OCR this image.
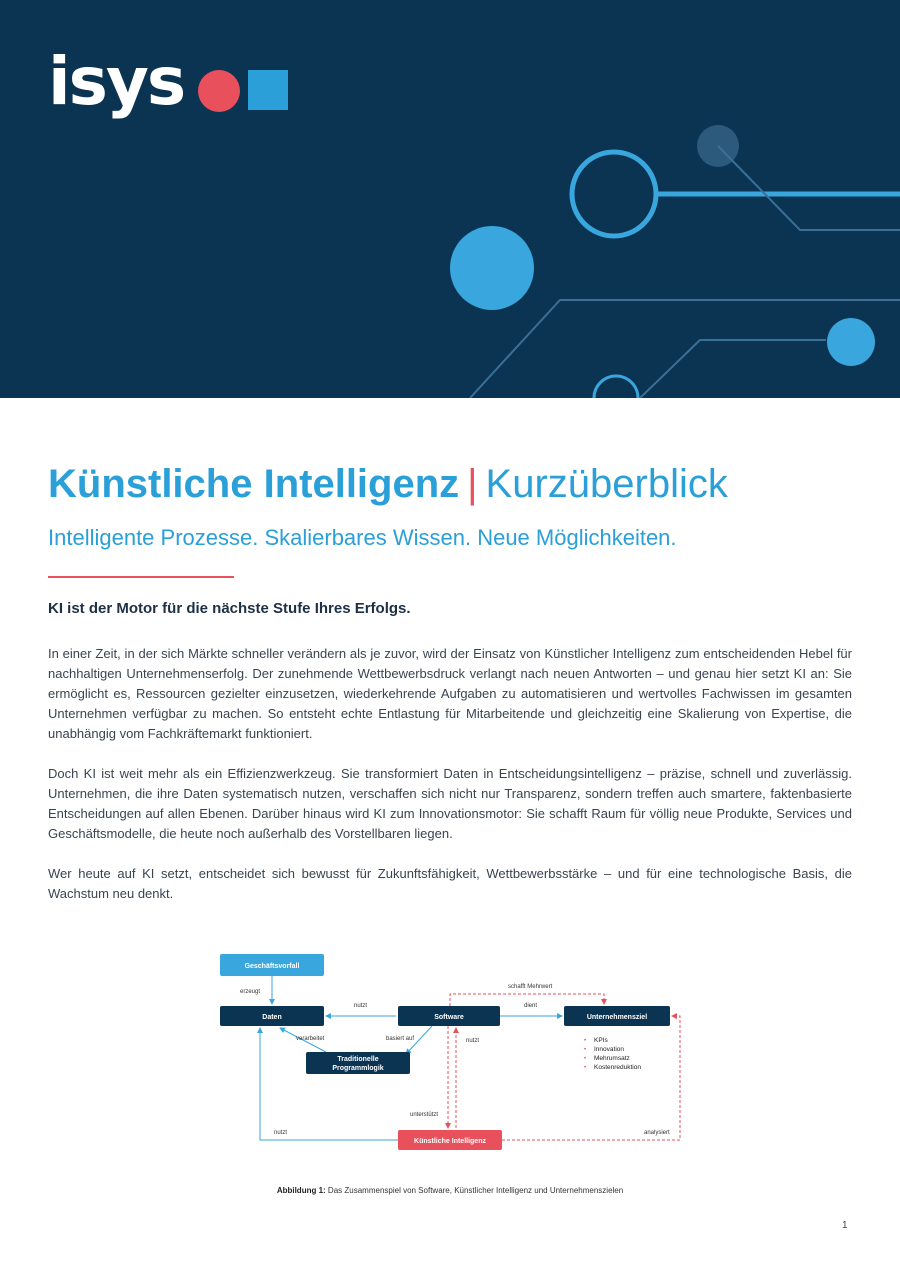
isys
Künstliche Intelligenz | Kurzüberblick
Intelligente Prozesse. Skalierbares Wissen. Neue Möglichkeiten.
KI ist der Motor für die nächste Stufe Ihres Erfolgs.

In einer Zeit, in der sich Märkte schneller verändern als je zuvor, wird der Einsatz von Künstlicher Intelligenz zum entscheidenden Hebel für nachhaltigen Unternehmenserfolg. Der zunehmende Wettbewerbsdruck verlangt nach neuen Antworten – und genau hier setzt KI an: Sie ermöglicht es, Ressourcen gezielter einzusetzen, wiederkehrende Aufgaben zu automatisieren und wertvolles Fachwissen im gesamten Unternehmen verfügbar zu machen. So entsteht echte Entlastung für Mitarbeitende und gleichzeitig eine Skalierung von Expertise, die unabhängig vom Fachkräftemarkt funktioniert.

Doch KI ist weit mehr als ein Effizienzwerkzeug. Sie transformiert Daten in Entscheidungsintelligenz – präzise, schnell und zuverlässig. Unternehmen, die ihre Daten systematisch nutzen, verschaffen sich nicht nur Transparenz, sondern treffen auch smartere, faktenbasierte Entscheidungen auf allen Ebenen. Darüber hinaus wird KI zum Innovationsmotor: Sie schafft Raum für völlig neue Produkte, Services und Geschäftsmodelle, die heute noch außerhalb des Vorstellbaren liegen.

Wer heute auf KI setzt, entscheidet sich bewusst für Zukunftsfähigkeit, Wettbewerbsstärke – und für eine technologische Basis, die Wachstum neu denkt.

Geschäftsvorfall
Daten	Software	Unternehmensziel
Traditionelle
Programmlogik
Künstliche Intelligenz
erzeugt
nutzt	dient
schafft Mehrwert
verarbeitet	basiert auf	nutzt
unterstützt
nutzt	analysiert
• KPIs
• Innovation
• Mehrumsatz
• Kostenreduktion
Abbildung 1: Das Zusammenspiel von Software, Künstlicher Intelligenz und Unternehmenszielen
1
